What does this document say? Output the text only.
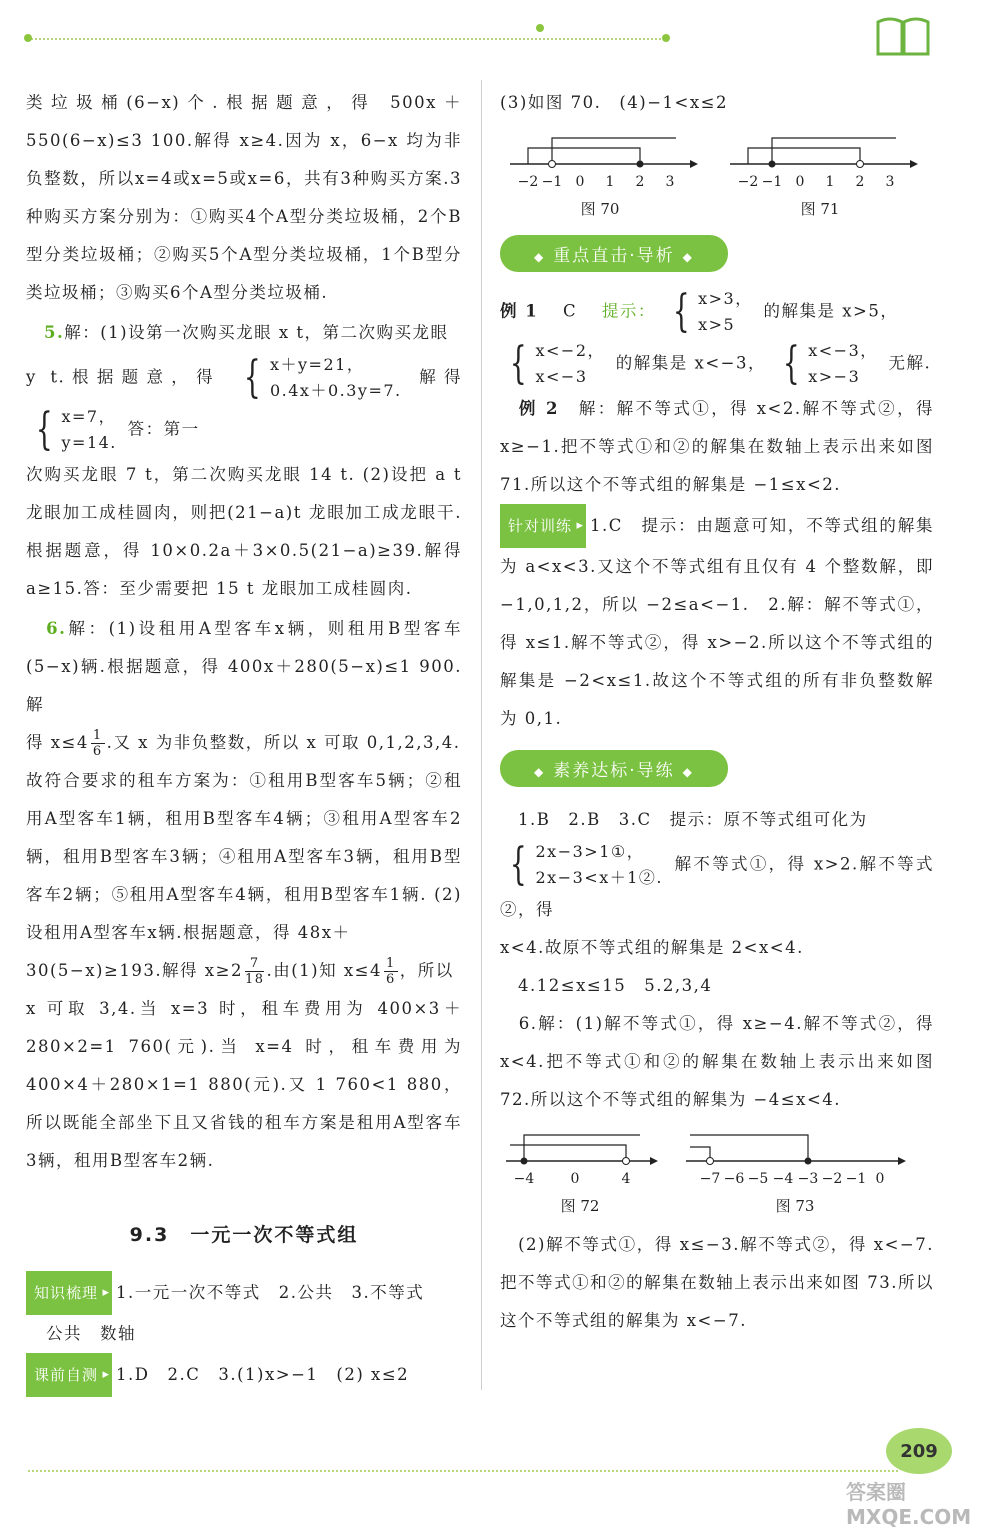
类垃圾桶(6−x)个.根据题意，得 500x＋550(6−x)≤3 100.解得 x≥4.因为 x，6−x 均为非负整数，所以x=4或x=5或x=6，共有3种购买方案.3种购买方案分别为：①购买4个A型分类垃圾桶，2个B型分类垃圾桶；②购买5个A型分类垃圾桶，1个B型分类垃圾桶；③购买6个A型分类垃圾桶.

　5.解：(1)设第一次购买龙眼 x t，第二次购买龙眼

y t.根据题意，得 { x＋y=21，
0.4x＋0.3y=7.
解得
{ x=7，
y=14.
答：第一

次购买龙眼 7 t，第二次购买龙眼 14 t. (2)设把 a t 龙眼加工成桂圆肉，则把(21−a)t 龙眼加工成龙眼干.根据题意，得 10×0.2a＋3×0.5(21−a)≥39.解得 a≥15.答：至少需要把 15 t 龙眼加工成桂圆肉.

　6.解：(1)设租用A型客车x辆，则租用B型客车(5−x)辆.根据题意，得 400x＋280(5−x)≤1 900.解

得 $x\le 4 \frac{1}{6}$ .又 x 为非负整数，所以 x 可取 0,1,2,3,4.

故符合要求的租车方案为：①租用B型客车5辆；②租用A型客车1辆，租用B型客车4辆；③租用A型客车2辆，租用B型客车3辆；④租用A型客车3辆，租用B型客车2辆；⑤租用A型客车4辆，租用B型客车1辆. (2)设租用A型客车x辆.根据题意，得 48x＋

30(5−x)≥193.解得 $x\ge 2 \frac{7}{18}$ .由(1)知 $x\le 4 \frac{1}{6}$ ，所以

x 可取 3,4.当 x=3 时，租车费用为 400×3＋280×2=1 760(元).当 x=4 时，租车费用为 400×4＋280×1=1 880(元).又 1 760<1 880，所以既能全部坐下且又省钱的租车方案是租用A型客车3辆，租用B型客车2辆.

9.3　一元一次不等式组

知识梳理 ▸ 1.一元一次不等式　2.公共　3.不等式

公共　数轴

课前自测 ▸ 1.D　2.C　3.(1)x>−1　(2) x≤2

(3)如图 70.　(4)−1<x≤2

−2 −1 0 1 2 3
图 70
−2 −1 0 1 2 3
图 71
◆ 重点直击·导析 ◆

例 1　 C　 提示： { x>3，
x>5
的解集是 x>5，

{ x<−2，
x<−3
的解集是 x<−3， { x<−3，
x>−3
无解.

　例 2　 解：解不等式①，得 x<2.解不等式②，得 x≥−1.把不等式①和②的解集在数轴上表示出来如图 71.所以这个不等式组的解集是 −1≤x<2.

针对训练 ▸ 1.C　提示：由题意可知，不等式组的解集为 a<x<3.又这个不等式组有且仅有 4 个整数解，即 −1,0,1,2，所以 −2≤a<−1.　2.解：解不等式①，得 x≤1.解不等式②，得 x>−2.所以这个不等式组的解集是 −2<x≤1.故这个不等式组的所有非负整数解为 0,1.

◆ 素养达标·导练 ◆

　1.B　2.B　3.C　提示：原不等式组可化为

{ 2x−3>1①，
2x−3<x＋1②.
解不等式①，得 x>2.解不等式②，得

x<4.故原不等式组的解集是 2<x<4.

　4.12≤x≤15　5.2,3,4

　6.解：(1)解不等式①，得 x≥−4.解不等式②，得 x<4.把不等式①和②的解集在数轴上表示出来如图 72.所以这个不等式组的解集为 −4≤x<4.

−4	0	4
图 72
−7 −6 −5 −4 −3 −2 −1 0
图 73

　(2)解不等式①，得 x≤−3.解不等式②，得 x<−7.把不等式①和②的解集在数轴上表示出来如图 73.所以这个不等式组的解集为 x<−7.

209
答案圈 MXQE.COM
